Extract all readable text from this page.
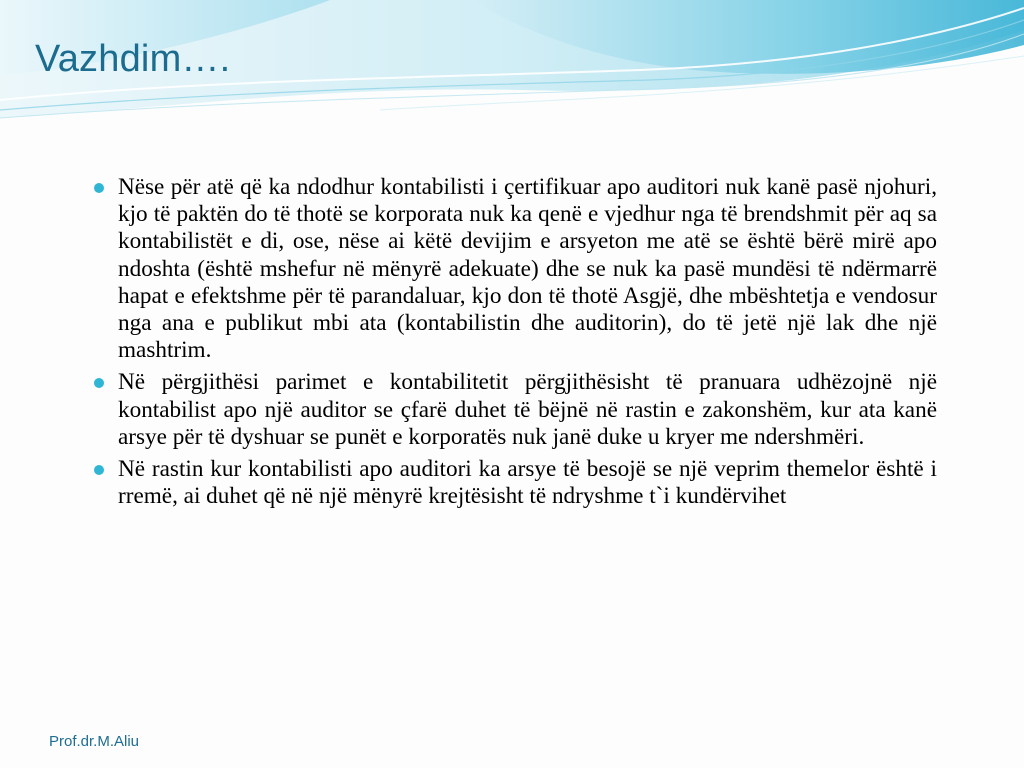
Vazhdim….
Nëse për atë që ka ndodhur kontabilisti i çertifikuar apo auditori nuk kanë pasë njohuri, kjo të paktën do të thotë se korporata nuk ka qenë e vjedhur nga të brendshmit për aq sa kontabilistët e di, ose, nëse ai këtë devijim e arsyeton me atë se është bërë mirë apo ndoshta (është mshefur në mënyrë adekuate) dhe se nuk ka pasë mundësi të ndërmarrë hapat e efektshme për të parandaluar, kjo don të thotë Asgjë, dhe mbështetja e vendosur nga ana e publikut mbi ata (kontabilistin dhe auditorin), do të jetë një lak dhe një mashtrim.
Në përgjithësi parimet e kontabilitetit përgjithësisht të pranuara udhëzojnë një kontabilist apo një auditor se çfarë duhet të bëjnë në rastin e zakonshëm, kur ata kanë arsye për të dyshuar se punët e korporatës nuk janë duke u kryer me ndershmëri.
Në rastin kur kontabilisti apo auditori ka arsye të besojë se një veprim themelor është i rremë, ai duhet që në një mënyrë krejtësisht të ndryshme t`i kundërvihet
Prof.dr.M.Aliu
